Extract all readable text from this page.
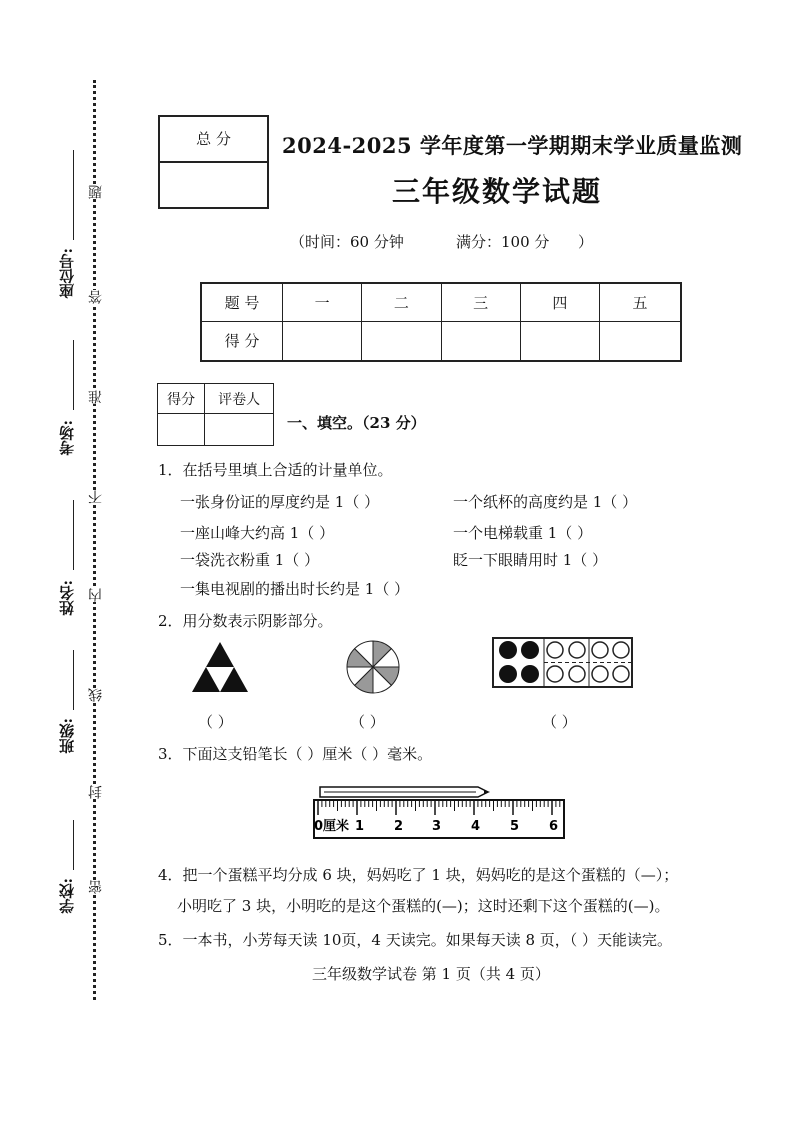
学校:
班级:
姓名:
考场:
座位号:
密
封
线
内
不
准
答
题
总 分	2024-2025 学年度第一学期期末学业质量监测
三年级数学试题
（时间：60 分钟	满分：100 分 ）
题 号	一	二	三	四	五
得 分					
得分	评卷人

一、填空。（23 分）
1．在括号里填上合适的计量单位。
一张身份证的厚度约是 1（ ）	一个纸杯的高度约是 1（ ）
一座山峰大约高 1（ ）	一个电梯载重 1（ ）
一袋洗衣粉重 1（ ）	眨一下眼睛用时 1（ ）
一集电视剧的播出时长约是 1（ ）
2．用分数表示阴影部分。
（ ）	（ ）	（ ）
3．下面这支铅笔长（ ）厘米（ ）毫米。
0厘米 1 2 3 4 5 6
4．把一个蛋糕平均分成 6 块，妈妈吃了 1 块，妈妈吃的是这个蛋糕的（—）；
小明吃了 3 块，小明吃的是这个蛋糕的(—)；这时还剩下这个蛋糕的(—)。
5．一本书，小芳每天读 10页，4 天读完。如果每天读 8 页，（ ）天能读完。
三年级数学试卷 第 1 页（共 4 页）
